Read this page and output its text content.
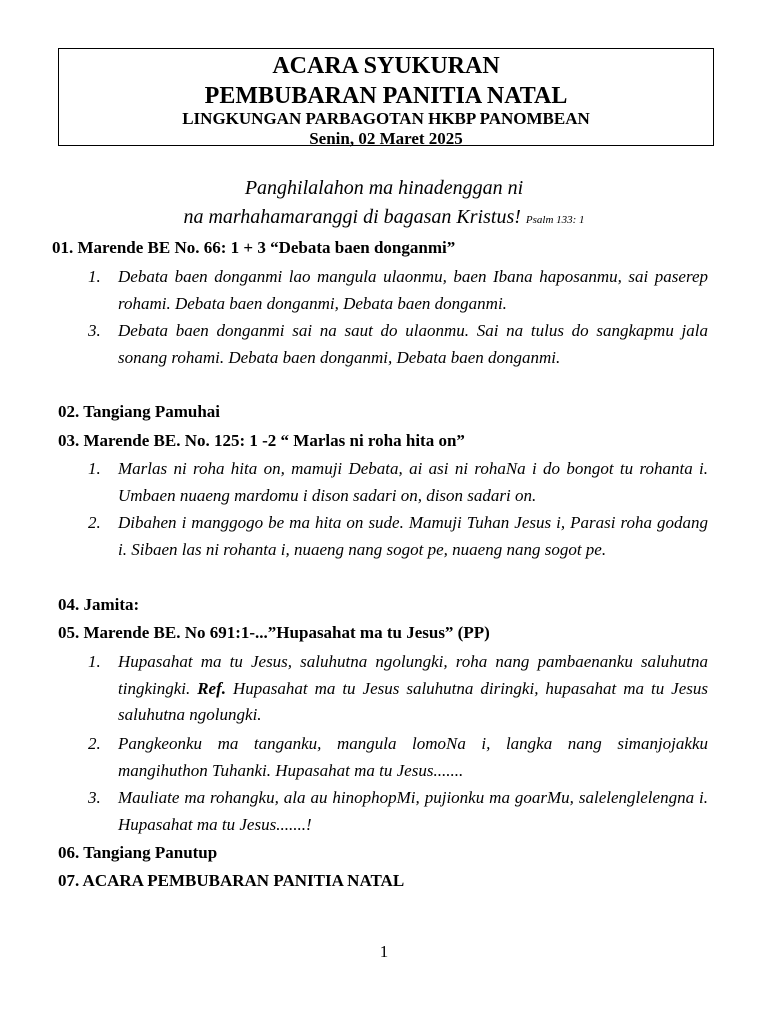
ACARA SYUKURAN
PEMBUBARAN PANITIA NATAL
LINGKUNGAN PARBAGOTAN HKBP PANOMBEAN
Senin, 02 Maret 2025
Panghilalahon ma hinadenggan ni
na marhahamaranggi di bagasan Kristus! Psalm 133: 1
01. Marende BE No. 66: 1 + 3 “Debata baen donganmi”
1.	Debata baen donganmi lao mangula ulaonmu, baen Ibana haposanmu, sai paserep rohami. Debata baen donganmi, Debata baen donganmi.
3.	Debata baen donganmi sai na saut do ulaonmu. Sai na tulus do sangkapmu jala sonang rohami. Debata baen donganmi, Debata baen donganmi.
02. Tangiang Pamuhai
03. Marende BE. No. 125: 1 -2 “ Marlas ni roha hita on”
1.	Marlas ni roha hita on, mamuji Debata, ai asi ni rohaNa i do bongot tu rohanta i. Umbaen nuaeng mardomu i dison sadari on, dison sadari on.
2.	Dibahen i manggogo be ma hita on sude. Mamuji Tuhan Jesus i, Parasi roha godang i. Sibaen las ni rohanta i, nuaeng nang sogot pe, nuaeng nang sogot pe.
04. Jamita:
05. Marende BE. No 691:1-...”Hupasahat ma tu Jesus” (PP)
1.	Hupasahat ma tu Jesus, saluhutna ngolungki, roha nang pambaenanku saluhutna tingkingki. Ref. Hupasahat ma tu Jesus saluhutna diringki, hupasahat ma tu Jesus saluhutna ngolungki.
2.	Pangkeonku ma tanganku, mangula lomoNa i, langka nang simanjojakku mangihuthon Tuhanki. Hupasahat ma tu Jesus.......
3.	Mauliate ma rohangku, ala au hinophopMi, pujionku ma goarMu, salelenglelengna i. Hupasahat ma tu Jesus.......!
06. Tangiang Panutup
07. ACARA PEMBUBARAN PANITIA NATAL
1
